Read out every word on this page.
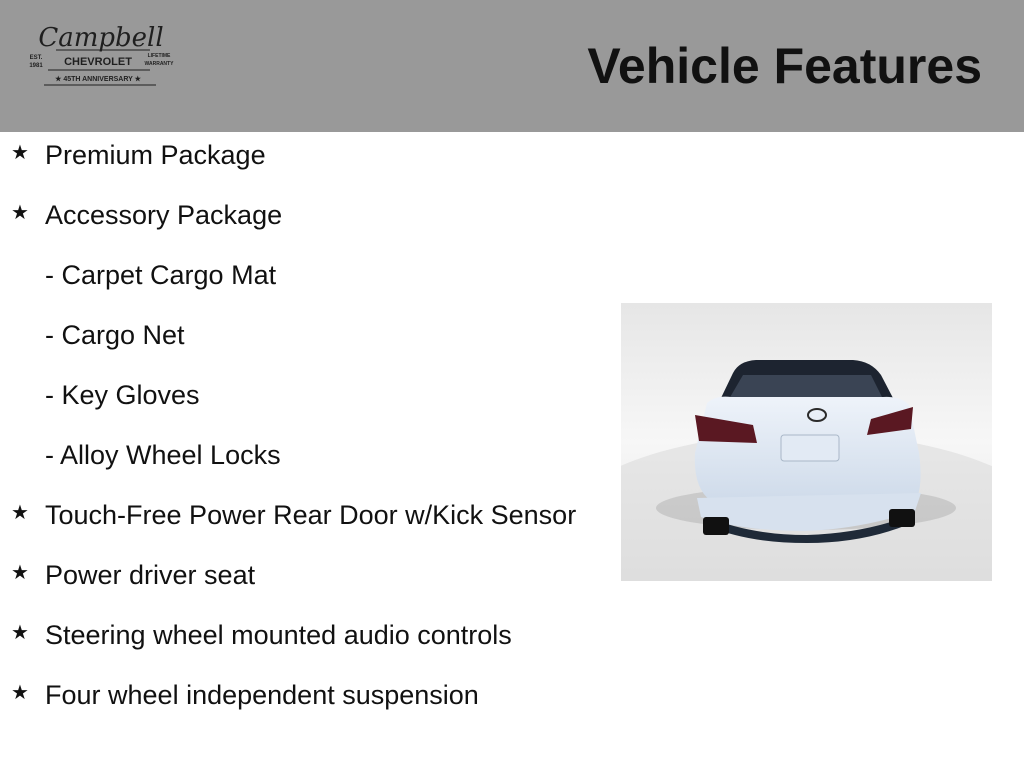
Campbell
EST.
1981 CHEVROLET	LIFETIME
WARRANTY
★ 45TH ANNIVERSARY ★	Vehicle Features
★ Premium Package
★ Accessory Package
- Carpet Cargo Mat
- Cargo Net
- Key Gloves
- Alloy Wheel Locks
★ Touch-Free Power Rear Door w/Kick Sensor
★ Power driver seat
★ Steering wheel mounted audio controls
★ Four wheel independent suspension
